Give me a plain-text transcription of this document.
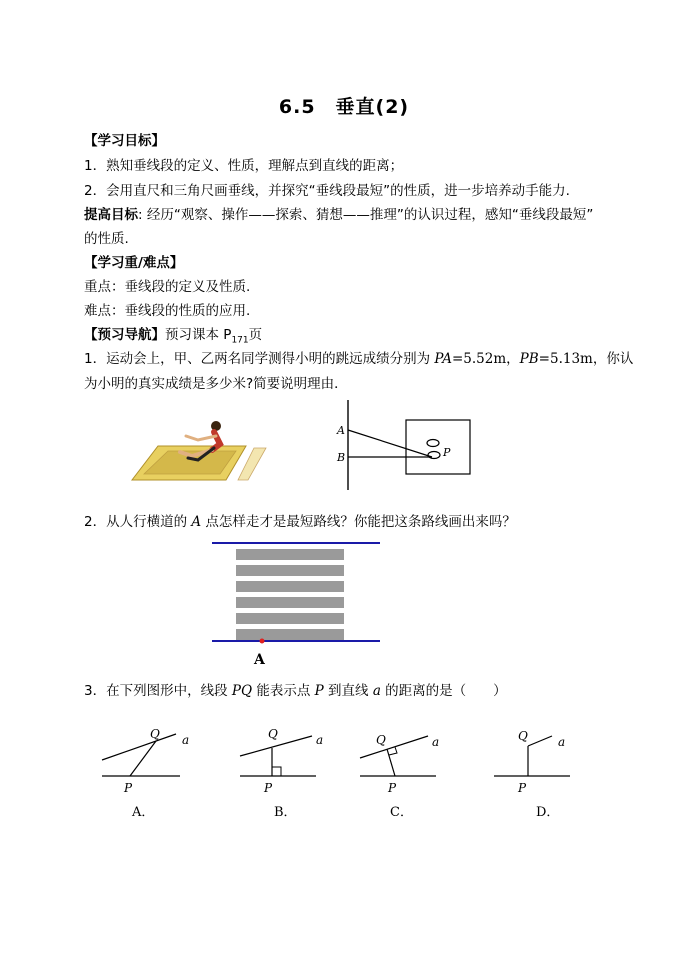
6.5　垂直(2)
【学习目标】
1．熟知垂线段的定义、性质，理解点到直线的距离；
2．会用直尺和三角尺画垂线，并探究“垂线段最短”的性质，进一步培养动手能力.
提高目标: 经历“观察、操作——探索、猜想——推理”的认识过程，感知“垂线段最短”
的性质.
【学习重/难点】
重点：垂线段的定义及性质.
难点：垂线段的性质的应用.
【预习导航】预习课本 $P_{171}$页
1．运动会上，甲、乙两名同学测得小明的跳远成绩分别为 PA=5.52m，PB=5.13m，你认
为小明的真实成绩是多少米?简要说明理由．
A
B	P
2．从人行横道的 A 点怎样走才是最短路线？你能把这条路线画出来吗？
A
3．在下列图形中，线段 PQ 能表示点 P 到直线 a 的距离的是（　　）
Q a
P
A．
Q	a
P
B．
Q	a
P
C．
Q	a
P
D．
